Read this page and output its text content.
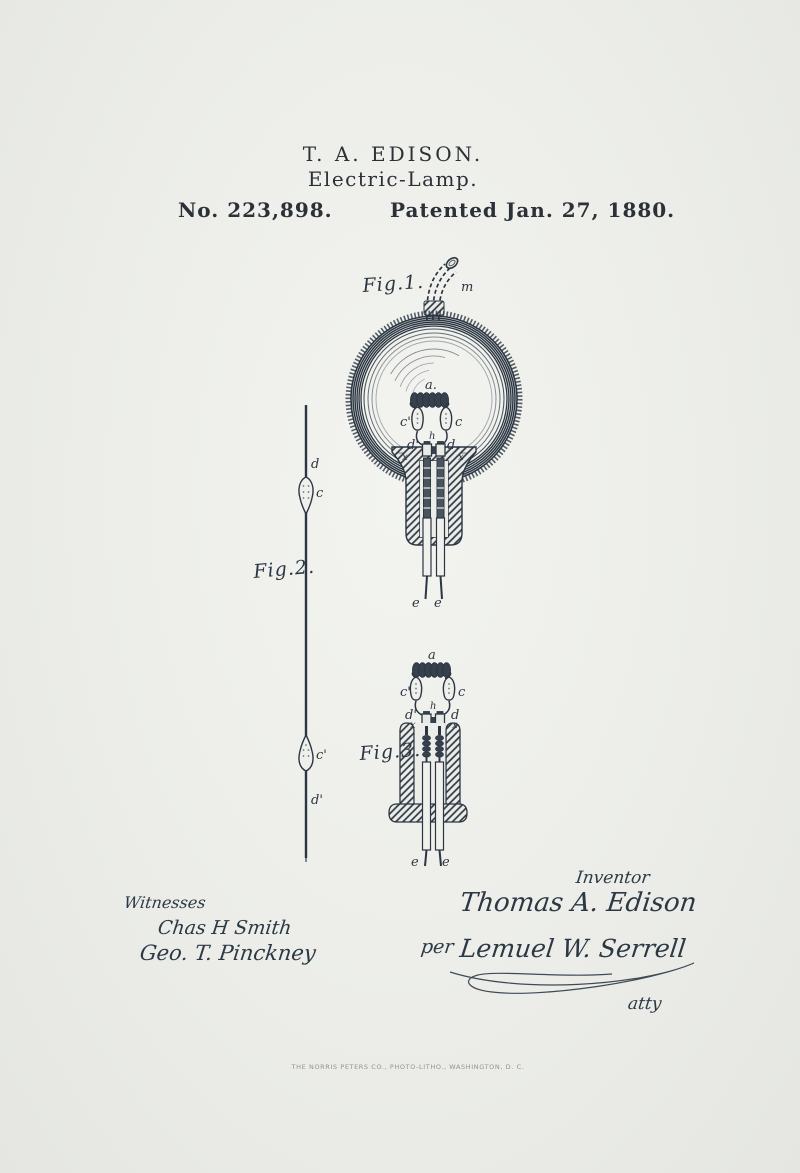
T. A. EDISON.
Electric-Lamp.
No. 223,898.	Patented Jan. 27, 1880.
Fig.1.	m
a.
c'	c
h
d' d.
x	x
e e
Fig.2.
d
c
c'
d'
Fig.3.
a
c'	c
h
d'	d
x	x
e e
Witnesses
Chas H Smith
Geo. T. Pinckney
Inventor
Thomas A. Edison
per Lemuel W. Serrell
atty
THE NORRIS PETERS CO., PHOTO-LITHO., WASHINGTON, D. C.
